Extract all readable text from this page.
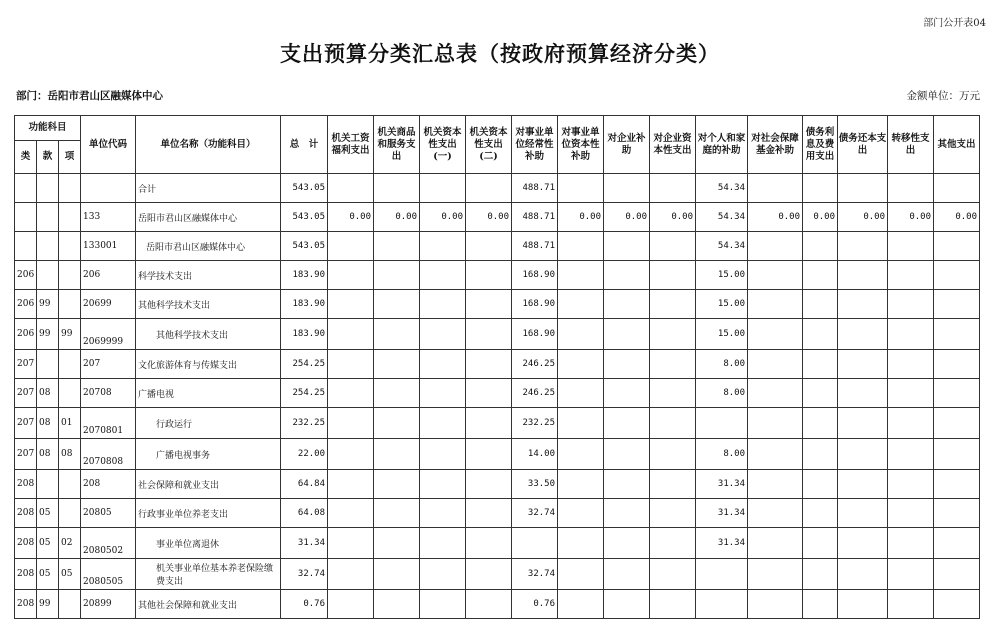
部门公开表04
支出预算分类汇总表（按政府预算经济分类）
部门：岳阳市君山区融媒体中心	金额单位：万元
功能科目			单位代码	单位名称（功能科目）	总　计	机关工资福利支出	机关商品和服务支出	机关资本性支出(一)	机关资本性支出(二)	对事业单位经常性补助	对事业单位资本性补助	对企业补助	对企业资本性支出	对个人和家庭的补助	对社会保障基金补助	债务利息及费用支出	债务还本支出	转移性支出	其他支出
类	款	项																	
				合计	543.05					488.71				54.34					
			133	岳阳市君山区融媒体中心	543.05	0.00	0.00	0.00	0.00	488.71	0.00	0.00	0.00	54.34	0.00	0.00	0.00	0.00	0.00
			133001	岳阳市君山区融媒体中心	543.05					488.71				54.34					
206			206	科学技术支出	183.90					168.90				15.00					
206	99		20699	其他科学技术支出	183.90					168.90				15.00					
206	99	99	2069999	其他科学技术支出	183.90					168.90				15.00					
207			207	文化旅游体育与传媒支出	254.25					246.25				8.00					
207	08		20708	广播电视	254.25					246.25				8.00					
207	08	01	2070801	行政运行	232.25					232.25									
207	08	08	2070808	广播电视事务	22.00					14.00				8.00					
208			208	社会保障和就业支出	64.84					33.50				31.34					
208	05		20805	行政事业单位养老支出	64.08					32.74				31.34					
208	05	02	2080502	事业单位离退休	31.34									31.34					
208	05	05	2080505	机关事业单位基本养老保险缴费支出	32.74					32.74									
208	99		20899	其他社会保障和就业支出	0.76					0.76									
